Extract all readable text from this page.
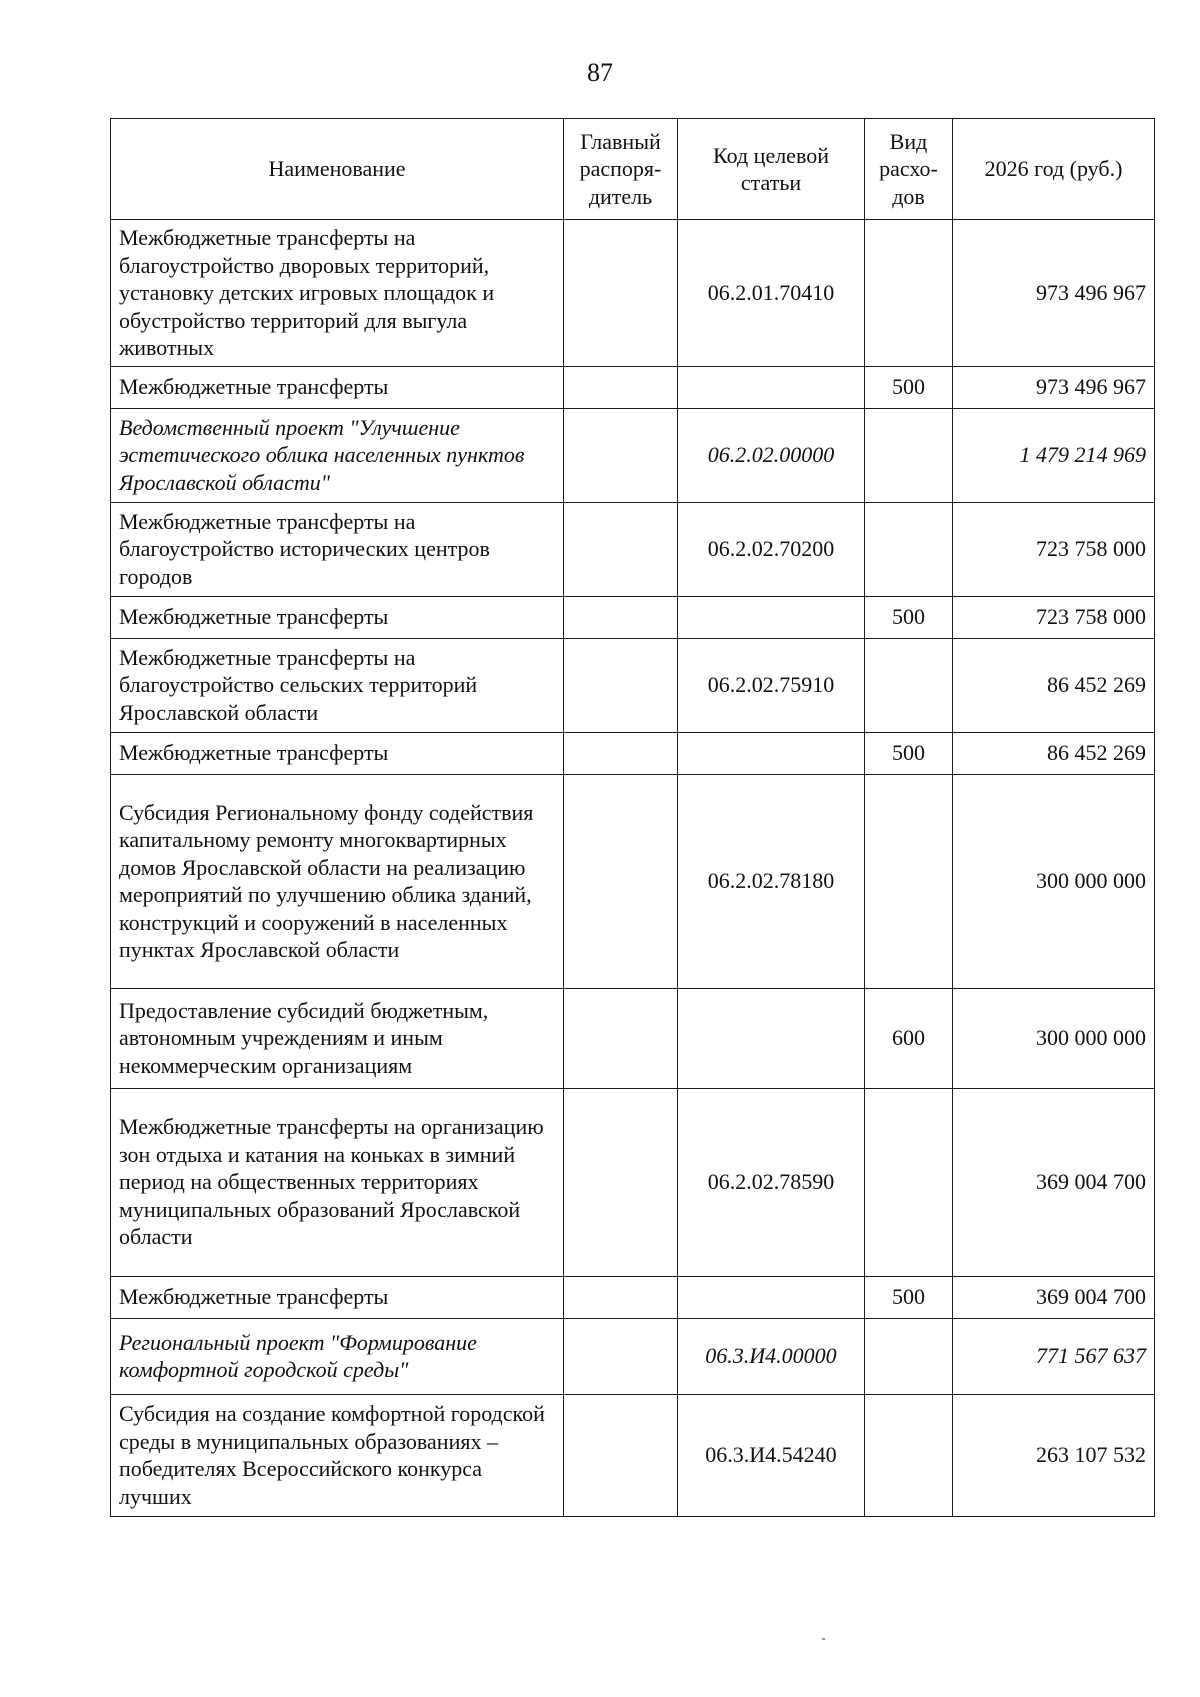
87
Наименование	Главный распоря-дитель	Код целевой статьи	Вид расхо-дов	2026 год (руб.)
Межбюджетные трансферты на благоустройство дворовых территорий, установку детских игровых площадок и обустройство территорий для выгула животных		06.2.01.70410		973 496 967
Межбюджетные трансферты			500	973 496 967
Ведомственный проект "Улучшение эстетического облика населенных пунктов Ярославской области"		06.2.02.00000		1 479 214 969
Межбюджетные трансферты на благоустройство исторических центров городов		06.2.02.70200		723 758 000
Межбюджетные трансферты			500	723 758 000
Межбюджетные трансферты на благоустройство сельских территорий Ярославской области		06.2.02.75910		86 452 269
Межбюджетные трансферты			500	86 452 269
Субсидия Региональному фонду содействия капитальному ремонту многоквартирных домов Ярославской области на реализацию мероприятий по улучшению облика зданий, конструкций и сооружений в населенных пунктах Ярославской области		06.2.02.78180		300 000 000
Предоставление субсидий бюджетным, автономным учреждениям и иным некоммерческим организациям			600	300 000 000
Межбюджетные трансферты на организацию зон отдыха и катания на коньках в зимний период на общественных территориях муниципальных образований Ярославской области		06.2.02.78590		369 004 700
Межбюджетные трансферты			500	369 004 700
Региональный проект "Формирование комфортной городской среды"		06.3.И4.00000		771 567 637
Субсидия на создание комфортной городской среды в муниципальных образованиях – победителях Всероссийского конкурса лучших		06.3.И4.54240		263 107 532
